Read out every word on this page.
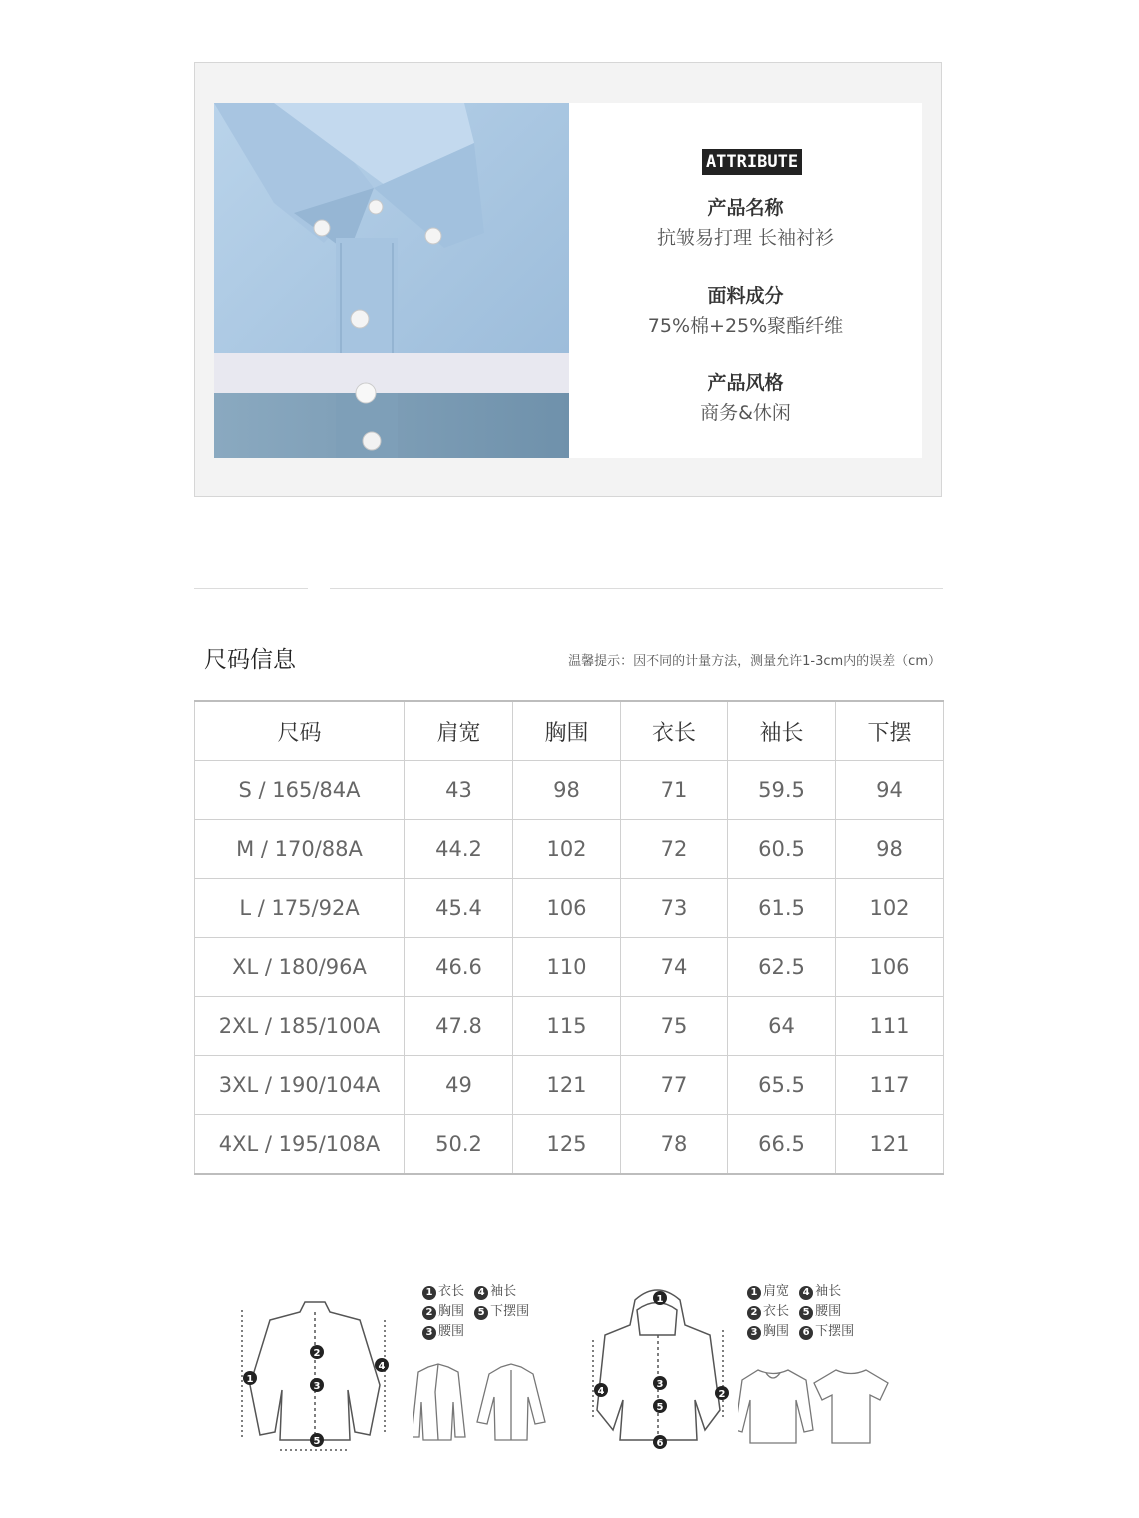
ATTRIBUTE
产品名称
抗皱易打理 长袖衬衫
面料成分
75%棉+25%聚酯纤维
产品风格
商务&休闲
尺码信息	温馨提示：因不同的计量方法，测量允许1-3cm内的误差（cm）
尺码	肩宽	胸围	衣长	袖长	下摆
S / 165/84A	43	98	71	59.5	94
M / 170/88A	44.2	102	72	60.5	98
L / 175/92A	45.4	106	73	61.5	102
XL / 180/96A	46.6	110	74	62.5	106
2XL / 185/100A	47.8	115	75	64	111
3XL / 190/104A	49	121	77	65.5	117
4XL / 195/108A	50.2	125	78	66.5	121
1
2
3
4
5
1 衣长 4 袖长
2 胸围 5 下摆围
3 腰围
1
2
3
4
5
6
1 肩宽 4 袖长
2 衣长 5 腰围
3 胸围 6 下摆围
